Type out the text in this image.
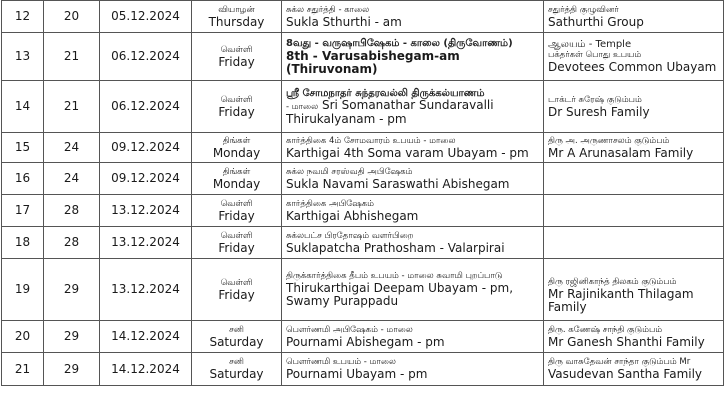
12	20	05.12.2024	வியாழன்
Thursday	சுக்ல சதுர்த்தி - காலை
Sukla Sthurthi - am	சதுர்த்தி குழுவினர்
Sathurthi Group

13	21	06.12.2024	வெள்ளி
Friday	8வது - வருஷாபிஷேகம் - காலை (திருவோணம்)
8th - Varusabishegam-am (Thiruvonam)	ஆலயம் - Temple
பக்தர்கள் பொது உபயம்
Devotees Common Ubayam

14	21	06.12.2024	வெள்ளி
Friday	ஸ்ரீ சோமநாதர் சுந்தரவல்லி திருக்கல்யாணம்
- மாலை Sri Somanathar Sundaravalli
Thirukalyanam - pm	டாக்டர் சுரேஷ் குடும்பம்
Dr Suresh Family

15	24	09.12.2024	திங்கள்
Monday	கார்த்திகை 4ம் சோமவாரம் உபயம் - மாலை
Karthigai 4th Soma varam Ubayam - pm	திரு அ. அருணாசலம் குடும்பம்
Mr A Arunasalam Family

16	24	09.12.2024	திங்கள்
Monday	சுக்ல நவமி சரஸ்வதி அபிஷேகம்
Sukla Navami Saraswathi Abishegam	

17	28	13.12.2024	வெள்ளி
Friday	கார்த்திகை அபிஷேகம்
Karthigai Abhishegam	

18	28	13.12.2024	வெள்ளி
Friday	சுக்லபட்ச பிரதோஷம் வளர்பிறை
Suklapatcha Prathosham - Valarpirai	

19	29	13.12.2024	வெள்ளி
Friday	திருக்கார்த்திகை தீபம் உபயம் - மாலை சுவாமி புறப்பாடு
Thirukarthigai Deepam Ubayam - pm,
Swamy Purappadu	திரு ரஜினிகாந்த் திலகம் குடும்பம்
Mr Rajinikanth Thilagam Family

20	29	14.12.2024	சனி
Saturday	பௌர்ணமி அபிஷேகம் - மாலை
Pournami Abishegam - pm	திரு. கணேஷ் சாந்தி குடும்பம்
Mr Ganesh Shanthi Family

21	29	14.12.2024	சனி
Saturday	பௌர்ணமி உபயம் - மாலை
Pournami Ubayam - pm	திரு வாசுதேவன் சாந்தா குடும்பம் Mr
Vasudevan Santha Family
